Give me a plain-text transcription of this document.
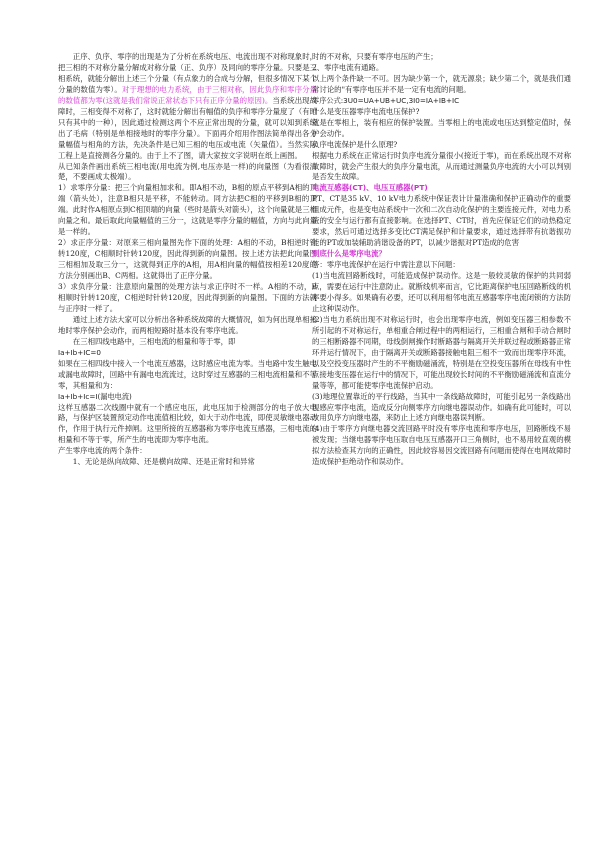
正序、负序、零序的出现是为了分析在系统电压、电流出现不对称现象时，把三相的不对称分量分解成对称分量（正、负序）及同向的零序分量。只要是三相系统，就能分解出上述三个分量（有点象力的合成与分解，但很多情况下某个分量的数值为零）。对于理想的电力系统，由于三相对称，因此负序和零序分量的数值都为零(这就是我们常说正常状态下只有正序分量的原因)。当系统出现故障时，三相变得不对称了，这时就能分解出有幅值的负序和零序分量度了（有时只有其中的一种），因此通过检测这两个不应正常出现的分量，就可以知到系统出了毛病（特别是单相接地时的零序分量）。下面再介绍用作图法简单得出各分量幅值与相角的方法，先决条件是已知三相的电压或电流（矢量值）。当然实际工程上是直接测各分量的。由于上不了图，请大家按文字说明在纸上画图。

从已知条件画出系统三相电流(用电流为例,电压亦是一样)的向量图（为看很清楚，不要画成太极端）。

1）求零序分量：把三个向量相加求和。即A相不动，B相的原点平移到A相的顶端（箭头处），注意B相只是平移，不能转动。同方法把C相的平移到B相的顶端。此时作A相原点到C相顶端的向量（些时是箭头对箭头），这个向量就是三相向量之和。最后取此向量幅值的三分一，这就是零序分量的幅值，方向与此向量是一样的。

2）求正序分量：对原来三相向量图先作下面的处理：A相的不动，B相逆时针转120度，C相顺时针转120度，因此得到新的向量图。按上述方法把此向量图三相相加及取三分一，这就得到正序的A相，用A相向量的幅值按相差120度的方法分别画出B、C两相。这就得出了正序分量。

3）求负序分量：注意原向量图的处理方法与求正序时不一样。A相的不动，B相顺时针转120度，C相逆时针转120度，因此得到新的向量图。下面的方法就与正序时一样了。

通过上述方法大家可以分析出各种系统故障的大概情况，如为何出现单相接地时零序保护会动作，而两相短路时基本没有零序电流。

在三相四线电路中，三相电流的相量和等于零，即

Ia+Ib+IC=0

如果在三相四线中接入一个电流互感器，这时感应电流为零。当电路中发生触电或漏电故障时，回路中有漏电电流流过，这时穿过互感器的三相电流相量和不等零，其相量和为：

Ia+Ib+Ic=I(漏电电流)

这样互感器二次线圈中就有一个感应电压，此电压加于检测部分的电子放大电路，与保护区装置预定动作电流值相比较，如大于动作电流，即使灵敏继电器动作，作用于执行元件掉闸。这里所接的互感器称为零序电流互感器，三相电流的相量和不等于零，所产生的电流即为零序电流。

产生零序电流的两个条件：

1、无论是纵向故障、还是横向故障、还是正常时和异常

时的不对称，只要有零序电压的产生；

2、零序电流有通路。

以上两个条件缺一不可。因为缺少第一个，就无源泉；缺少第二个，就是我们通常讨论的"有零序电压并不是一定有电流的问题。

零序公式:3U0=UA+UB+UC,3I0=IA+IB+IC

什么是变压器零序电流电压保护?

就是在零相上，装有相应的保护装置。当零相上的电流或电压达到整定值时，保护会动作。

负序电流保护是什么原理?

根据电力系统在正常运行时负序电流分量很小(接近于零)，而在系统出现不对称故障时，就会产生很大的负序分量电流，从而通过测量负序电流的大小可以判别是否发生故障。

电流互感器(CT)、电压互感器(PT)

PT、CT是35 kV、10 kV电力系统中保证表计计量准确和保护正确动作的重要组成元件，也是变电站系统中一次和二次自动化保护的主要连接元件，对电力系统的安全与运行都有直接影响。在选择PT、CT时，首先应保证它们的动热稳定要求，然后可通过选择多变比CT满足保护和计量要求，通过选择带有抗谐振功能的PT或加装辅助消谐设备的PT，以减少谐振对PT造成的危害

到底什么是零序电流？

答：零序电流保护在运行中需注意以下问题：

(1)当电流回路断线时，可能造成保护误动作。这是一般较灵敏的保护的共同弱点，需要在运行中注意防止。就断线机率而言，它比距离保护电压回路断线的机率要小得多。如果确有必要，还可以利用相邻电流互感器零序电流闭锁的方法防止这种误动作。

(2)当电力系统出现不对称运行时，也会出现零序电流，例如变压器三相参数不所引起的不对称运行，单相重合闸过程中的两相运行，三相重合闸和手动合闸时的三相断路器不同期，母线倒闸操作时断路器与隔离开关并联过程或断路器正常环并运行情况下，由于隔离开关或断路器接触电阻三相不一致而出现零序环流，以及空投变压器时产生的不平衡励磁涌流，特别是在空投变压器所在母线有中性点接地变压器在运行中的情况下，可能出现较长时间的不平衡励磁涌流和直流分量等等，都可能使零序电流保护启动。

(3)地理位置靠近的平行线路，当其中一条线路故障时，可能引起另一条线路出现感应零序电流，造成反分向侧零序方向继电器误动作。如确有此可能时，可以改用负序方向继电器，来防止上述方向继电器误判断。

(4)由于零序方向继电器交流回路平时没有零序电流和零序电压，回路断线不易被发现；当继电器零序电压取自电压互感器开口三角侧时，也不易用较直观的模拟方法检查其方向的正确性，因此较容易因交流回路有问题而使得在电网故障时造成保护拒绝动作和误动作。
